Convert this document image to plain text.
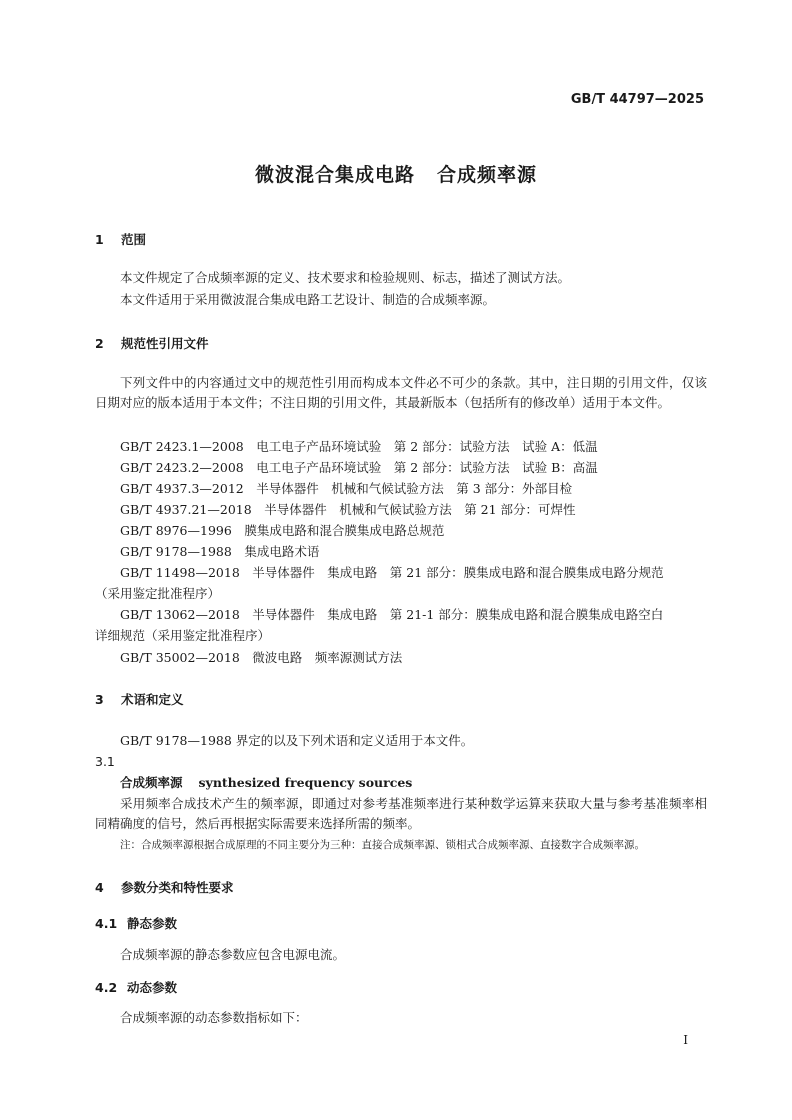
GB/T 44797—2025
微波混合集成电路 合成频率源
1 范围
本文件规定了合成频率源的定义、技术要求和检验规则、标志，描述了测试方法。
本文件适用于采用微波混合集成电路工艺设计、制造的合成频率源。
2 规范性引用文件
下列文件中的内容通过文中的规范性引用而构成本文件必不可少的条款。其中，注日期的引用文件，仅该日期对应的版本适用于本文件；不注日期的引用文件，其最新版本（包括所有的修改单）适用于本文件。
GB/T 2423.1—2008　电工电子产品环境试验　第 2 部分：试验方法　试验 A：低温
GB/T 2423.2—2008　电工电子产品环境试验　第 2 部分：试验方法　试验 B：高温
GB/T 4937.3—2012　半导体器件　机械和气候试验方法　第 3 部分：外部目检
GB/T 4937.21—2018　半导体器件　机械和气候试验方法　第 21 部分：可焊性
GB/T 8976—1996　膜集成电路和混合膜集成电路总规范
GB/T 9178—1988　集成电路术语
GB/T 11498—2018　半导体器件　集成电路　第 21 部分：膜集成电路和混合膜集成电路分规范
（采用鉴定批准程序）
GB/T 13062—2018　半导体器件　集成电路　第 21-1 部分：膜集成电路和混合膜集成电路空白
详细规范（采用鉴定批准程序）
GB/T 35002—2018　微波电路　频率源测试方法
3 术语和定义
GB/T 9178—1988 界定的以及下列术语和定义适用于本文件。
3.1
合成频率源 synthesized frequency sources
采用频率合成技术产生的频率源，即通过对参考基准频率进行某种数学运算来获取大量与参考基准频率相同精确度的信号，然后再根据实际需要来选择所需的频率。
注：合成频率源根据合成原理的不同主要分为三种：直接合成频率源、锁相式合成频率源、直接数字合成频率源。
4 参数分类和特性要求
4.1 静态参数
合成频率源的静态参数应包含电源电流。
4.2 动态参数
合成频率源的动态参数指标如下：
I
